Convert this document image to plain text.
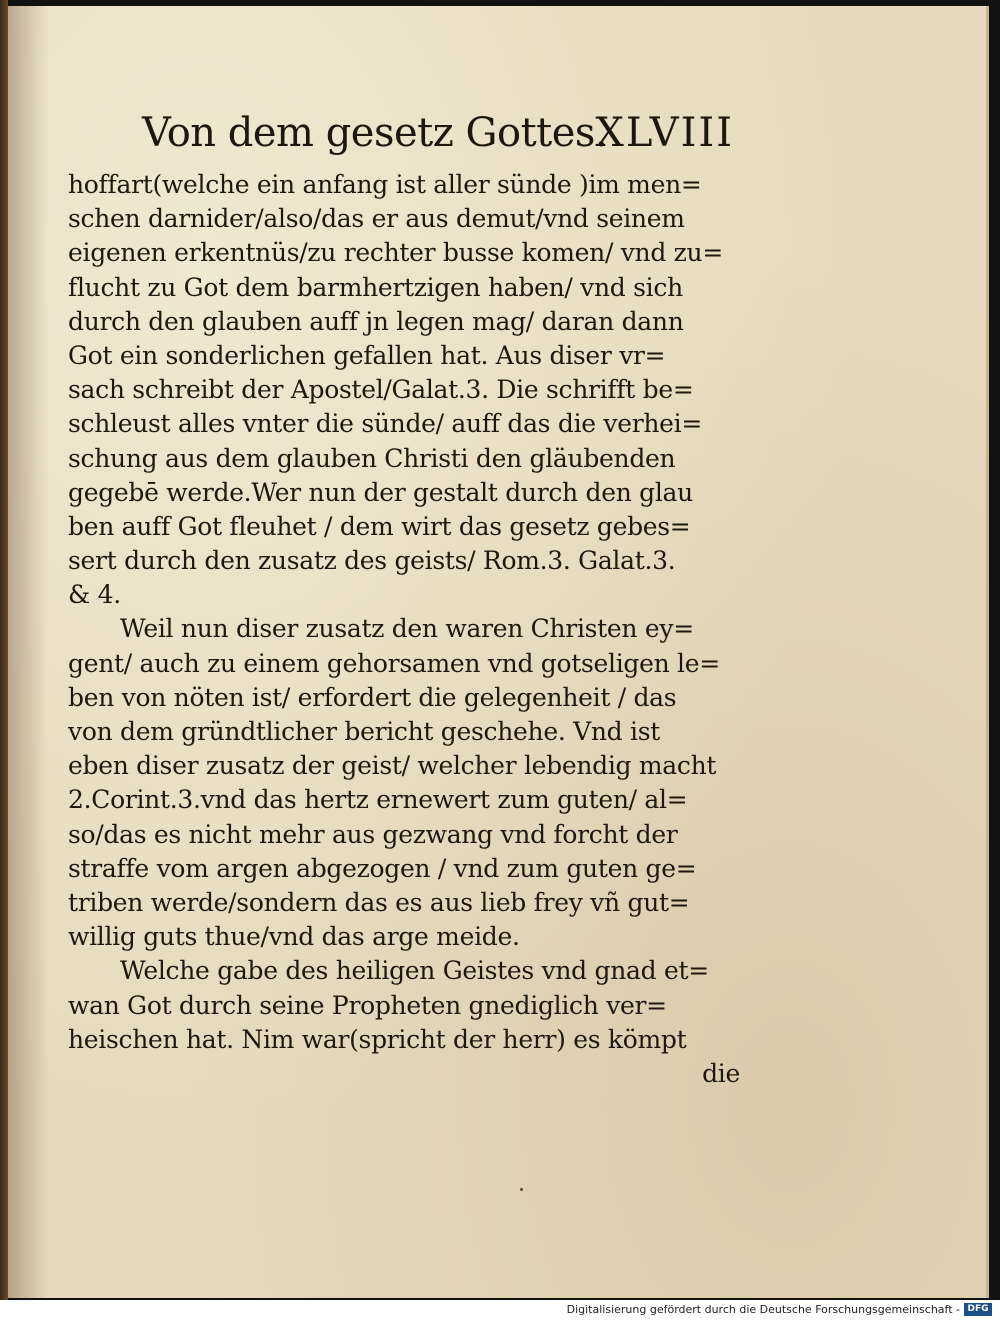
Von dem gesetz Gottes.
XLVIII
hoffart(welche ein anfang ist aller sünde )im men=
schen darnider/also/das er aus demut/vnd seinem
eigenen erkentnüs/zu rechter busse komen/ vnd zu=
flucht zu Got dem barmhertzigen haben/ vnd sich
durch den glauben auff jn legen mag/ daran dann
Got ein sonderlichen gefallen hat. Aus diser vr=
sach schreibt der Apostel/Galat.3. Die schrifft be=
schleust alles vnter die sünde/ auff das die verhei=
schung aus dem glauben Christi den gläubenden
gegebē werde.Wer nun der gestalt durch den glau
ben auff Got fleuhet / dem wirt das gesetz gebes=
sert durch den zusatz des geists/ Rom.3. Galat.3.
& 4.
Weil nun diser zusatz den waren Christen ey=
gent/ auch zu einem gehorsamen vnd gotseligen le=
ben von nöten ist/ erfordert die gelegenheit / das
von dem gründtlicher bericht geschehe. Vnd ist
eben diser zusatz der geist/ welcher lebendig macht
2.Corint.3.vnd das hertz ernewert zum guten/ al=
so/das es nicht mehr aus gezwang vnd forcht der
straffe vom argen abgezogen / vnd zum guten ge=
triben werde/sondern das es aus lieb frey vñ gut=
willig guts thue/vnd das arge meide.
Welche gabe des heiligen Geistes vnd gnad et=
wan Got durch seine Propheten gnediglich ver=
heischen hat. Nim war(spricht der herr) es kömpt
die
Digitalisierung gefördert durch die Deutsche Forschungsgemeinschaft - DFG
